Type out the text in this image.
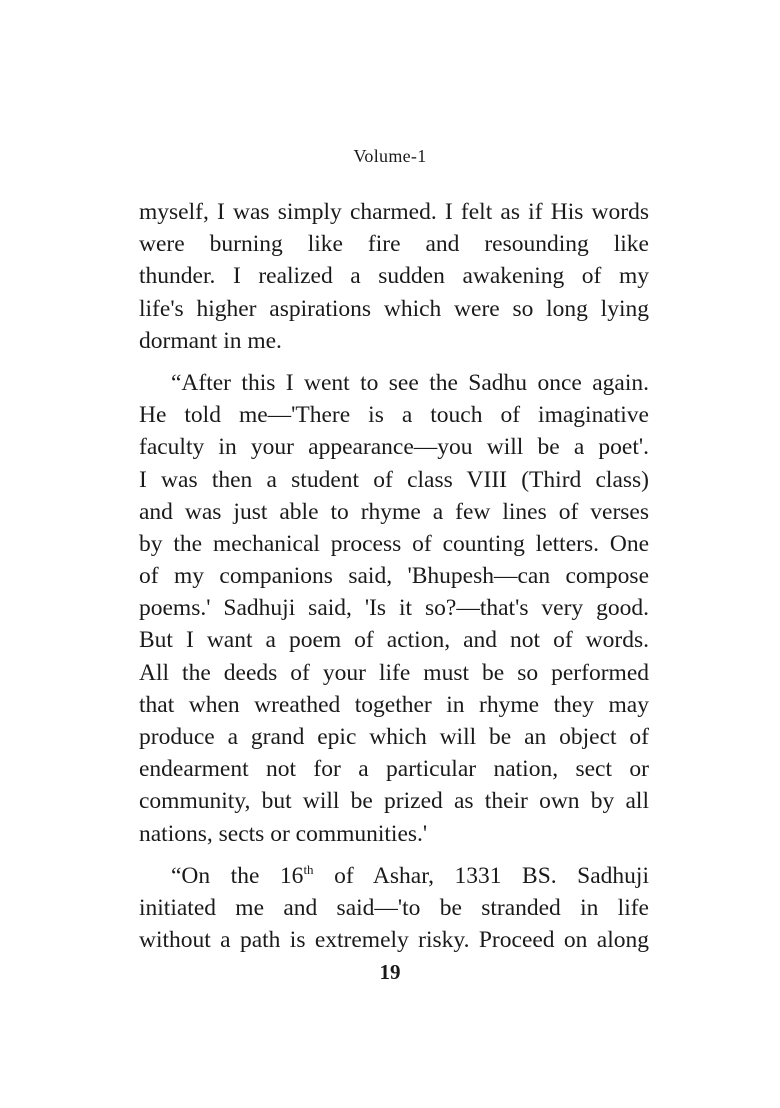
Volume-1
myself, I was simply charmed. I felt as if His words
were burning like fire and resounding like
thunder. I realized a sudden awakening of my
life's higher aspirations which were so long lying
dormant in me.
“After this I went to see the Sadhu once again.
He told me—'There is a touch of imaginative
faculty in your appearance—you will be a poet'.
I was then a student of class VIII (Third class)
and was just able to rhyme a few lines of verses
by the mechanical process of counting letters. One
of my companions said, 'Bhupesh—can compose
poems.' Sadhuji said, 'Is it so?—that's very good.
But I want a poem of action, and not of words.
All the deeds of your life must be so performed
that when wreathed together in rhyme they may
produce a grand epic which will be an object of
endearment not for a particular nation, sect or
community, but will be prized as their own by all
nations, sects or communities.'
“On the 16th of Ashar, 1331 BS. Sadhuji
initiated me and said—'to be stranded in life
without a path is extremely risky. Proceed on along
19
